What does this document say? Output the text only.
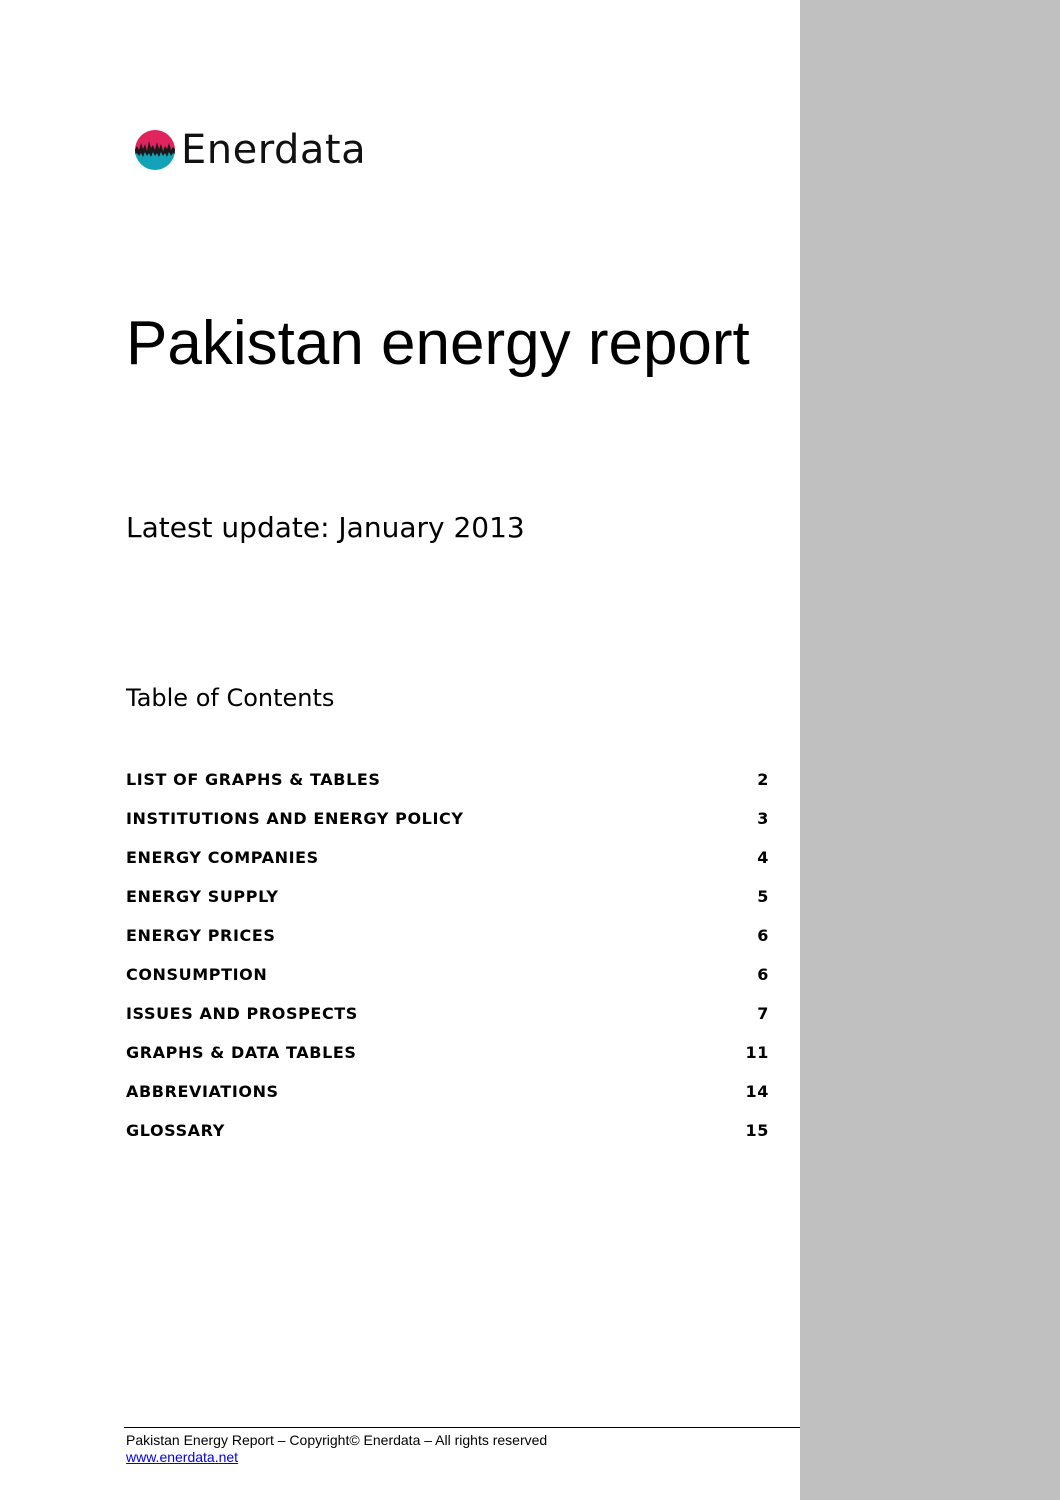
Enerdata
Pakistan energy report
Latest update: January 2013
Table of Contents
LIST OF GRAPHS & TABLES	2
INSTITUTIONS AND ENERGY POLICY	3
ENERGY COMPANIES	4
ENERGY SUPPLY	5
ENERGY PRICES	6
CONSUMPTION	6
ISSUES AND PROSPECTS	7
GRAPHS & DATA TABLES	11
ABBREVIATIONS	14
GLOSSARY	15
Pakistan Energy Report – Copyright© Enerdata – All rights reserved
www.enerdata.net
